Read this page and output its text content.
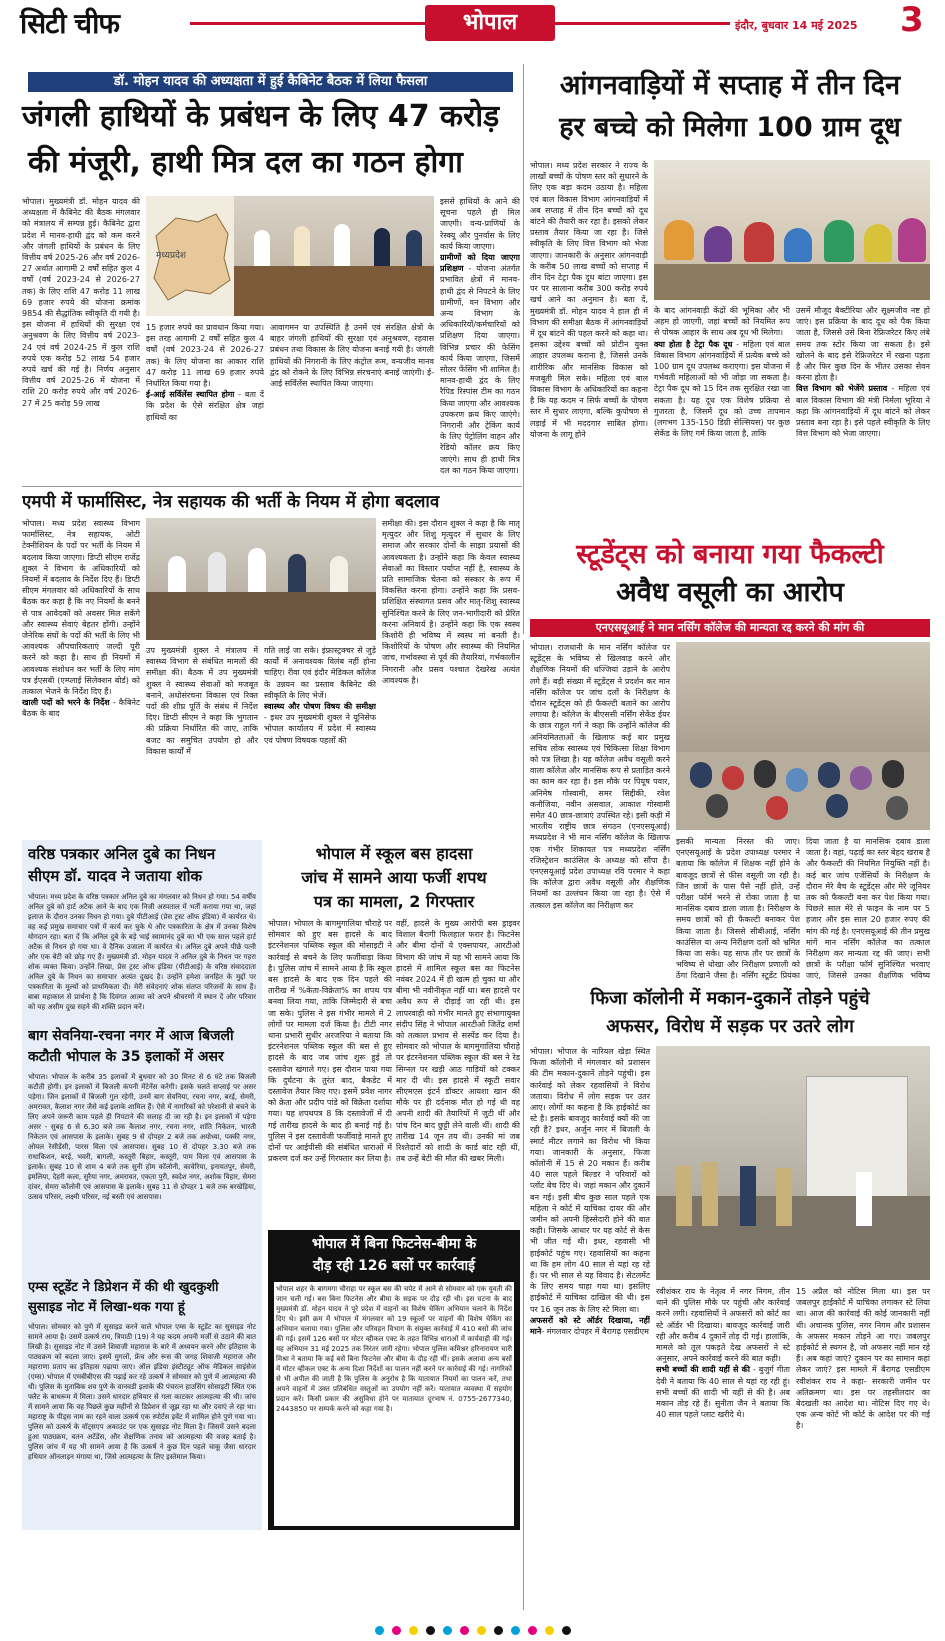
सिटी चीफ	भोपाल	इंदौर, बुधवार 14 मई 2025 3
डॉ. मोहन यादव की अध्यक्षता में हुई कैबिनेट बैठक में लिया फैसला
जंगली हाथियों के प्रबंधन के लिए 47 करोड़
की मंजूरी, हाथी मित्र दल का गठन होगा
भोपाल। मुख्यमंत्री डॉ. मोहन यादव की अध्यक्षता में कैबिनेट की बैठक मंगलवार को मंत्रालय में सम्पन्न हुई। कैबिनेट द्वारा प्रदेश में मानव-हाथी द्वंद को कम करने और जंगली हाथियों के प्रबंधन के लिए वित्तीय वर्ष 2025-26 और वर्ष 2026-27 अर्थात आगामी 2 वर्षों सहित कुल 4 वर्षों (वर्ष 2023-24 से 2026-27 तक) के लिए राशि 47 करोड़ 11 लाख 69 हजार रुपये की योजना क्रमांक 9854 की सैद्धांतिक स्वीकृति दी गयी है। इस योजना में हाथियों की सुरक्षा एवं अनुश्रवण के लिए वित्तीय वर्ष 2023-24 एवं वर्ष 2024-25 में कुल राशि रुपये एक करोड़ 52 लाख 54 हजार रुपये खर्च की गई है। निर्णय अनुसार वित्तीय वर्ष 2025-26 में योजना में राशि 20 करोड़ रुपये और वर्ष 2026-27 में 25 करोड़ 59 लाख
मध्यप्रदेश
15 हजार रुपये का प्रावधान किया गया। इस तरह आगामी 2 वर्षों सहित कुल 4 वर्षों (वर्ष 2023-24 से 2026-27 तक) के लिए योजना का आकार राशि 47 करोड़ 11 लाख 69 हजार रुपये निर्धारित किया गया है।
ई-आई सर्विलेंस स्थापित होगा - बता दें कि प्रदेश के ऐसे संरक्षित क्षेत्र जहां हाथियों का
आवागमन या उपस्थिति है उनमें एवं संरक्षित क्षेत्रों के बाहर जंगली हाथियों की सुरक्षा एवं अनुश्रवण, रहवास प्रबंधन तथा विकास के लिए योजना बनाई गयी है। जंगली हाथियों की निगरानी के लिए कंट्रोल रूम, वन्यजीव मानव द्वंद को रोकने के लिए विभिन्न संरचनाएं बनाई जाएंगी। ई-आई सर्विलेंस स्थापित किया जाएगा।
इससे हाथियों के आने की सूचना पहले ही मिल जाएगी। वन्य-प्राणियों के रेस्क्यू और पुनर्वास के लिए कार्य किया जाएगा।
ग्रामीणों को दिया जाएगा प्रशिक्षण - योजना अंतर्गत प्रभावित क्षेत्रों में मानव-हाथी द्वंद से निपटने के लिए ग्रामीणों, वन विभाग और अन्य विभाग के अधिकारियों/कर्मचारियों को प्रशिक्षण दिया जाएगा। विभिन्न प्रचार की फेसिंग कार्य किया जाएगा, जिसमें सोलर फेंसिंग भी शामिल है। मानव-हाथी द्वंद के लिए रैपिड रिस्पांस टीम का गठन किया जाएगा और आवश्यक उपकरण क्रय किए जाएंगे। निगरानी और ट्रेकिंग कार्य के लिए पेट्रोलिंग वाहन और रेडियो कॉलर क्रय किए जाएंगे। साथ ही हाथी मित्र दल का गठन किया जाएगा।
आंगनवाड़ियों में सप्ताह में तीन दिन
हर बच्चे को मिलेगा 100 ग्राम दूध
भोपाल। मध्य प्रदेश सरकार ने राज्य के लाखों बच्चों के पोषण स्तर को सुधारने के लिए एक बड़ा कदम उठाया है। महिला एवं बाल विकास विभाग आंगनवाड़ियों में अब सप्ताह में तीन दिन बच्चों को दूध बांटने की तैयारी कर रहा है। इसको लेकर प्रस्ताव तैयार किया जा रहा है। जिसे स्वीकृति के लिए वित्त विभाग को भेजा जाएगा। जानकारी के अनुसार आंगनवाड़ी के करीब 50 लाख बच्चों को सप्ताह में तीन दिन टेट्रा पैक दूध बांटा जाएगा। इस पर पर सालाना करीब 300 करोड़ रुपये खर्च आने का अनुमान है। बता दें, मुख्यमंत्री डॉ. मोहन यादव ने हाल ही में विभाग की समीक्षा बैठक में आंगनवाड़ियों में दूध बांटने की पहल करने को कहा था। इसका उद्देश्य बच्चों को प्रोटीन युक्त आहार उपलब्ध कराना है, जिससे उनके शारीरिक और मानसिक विकास को मजबूती मिल सके। महिला एवं बाल विकास विभाग के अधिकारियों का कहना है कि यह कदम न सिर्फ बच्चों के पोषण स्तर में सुधार लाएगा, बल्कि कुपोषण से लड़ाई में भी मददगार साबित होगा। योजना के लागू होने
के बाद आंगनवाड़ी केंद्रों की भूमिका और भी अहम हो जाएगी, जहां बच्चों को नियमित रूप से पोषक आहार के साथ अब दूध भी मिलेगा।
क्या होता है टेट्रा पैक दूध - महिला एवं बाल विकास विभाग आंगनवाड़ियों में प्रत्येक बच्चे को 100 ग्राम दूध उपलब्ध कराएगा। इस योजना में गर्भवती महिलाओं को भी जोड़ा जा सकता है। टेट्रा पैक दूध को 15 दिन तक सुरक्षित रखा जा सकता है। यह दूध एक विशेष प्रक्रिया से गुजरता है, जिसमें दूध को उच्च तापमान (लगभग 135-150 डिग्री सेल्सियस) पर कुछ सेकेंड के लिए गर्म किया जाता है, ताकि
उसमें मौजूद बैक्टीरिया और सूक्ष्मजीव नष्ट हो जाएं। इस प्रक्रिया के बाद दूध को पैक किया जाता है, जिससे उसे बिना रेफ्रिजरेटर किए लंबे समय तक स्टोर किया जा सकता है। इसे खोलने के बाद इसे रेफ्रिजरेटर में रखना पड़ता है और फिर कुछ दिन के भीतर उसका सेवन करना होता है।
वित्त विभाग को भेजेंगे प्रस्ताव - महिला एवं बाल विकास विभाग की मंत्री निर्मला भूरिया ने कहा कि आंगनवाड़ियों में दूध बांटने को लेकर प्रस्ताव बना रहा है। इसे पहले स्वीकृति के लिए वित्त विभाग को भेजा जाएगा।
एमपी में फार्मासिस्ट, नेत्र सहायक की भर्ती के नियम में होगा बदलाव
भोपाल। मध्य प्रदेश स्वास्थ्य विभाग फार्मासिस्ट, नेत्र सहायक, ओटी टेक्नीशियन के पदों पर भर्ती के नियम में बदलाव किया जाएगा। डिप्टी सीएम राजेंद्र शुक्ल ने विभाग के अधिकारियों को नियमों में बदलाव के निर्देश दिए हैं। डिप्टी सीएम मंगलवार को अधिकारियों के साथ बैठक कर कहा है कि नए नियमों के बनने से पात्र आवेदकों को अवसर मिल सकेंगे और स्वास्थ्य सेवाएं बेहतर होंगी। उन्होंने जेनेरिक संघों के पदों की भर्ती के लिए भी आवश्यक औपचारिकताएं जल्दी पूरी करने को कहा है। साथ ही नियमों में आवश्यक संशोधन कर भर्ती के लिए मांग पत्र ईएसबी (एम्प्लाई सिलेक्शन बोर्ड) को तत्काल भेजने के निर्देश दिए हैं।
खाली पदों को भरने के निर्देश - कैबिनेट बैठक के बाद
उप मुख्यमंत्री शुक्ल ने मंत्रालय में स्वास्थ्य विभाग से संबंधित मामलों की समीक्षा की। बैठक में उप मुख्यमंत्री शुक्ल ने स्वास्थ्य सेवाओं को मजबूत बनाने, अधोसंरचना विकास एवं रिक्त पदों की शीघ्र पूर्ति के संबंध में निर्देश दिए। डिप्टी सीएम ने कहा कि भुगतान की प्रक्रिया निर्धारित की जाए, ताकि बजट का समुचित उपयोग हो और विकास कार्यों में
गति लाई जा सके। इंफ्रास्ट्रक्चर से जुड़े कार्यों में अनावश्यक विलंब नहीं होना चाहिए। रीवा एवं इंदौर मेडिकल कॉलेज के उन्नयन का प्रस्ताव कैबिनेट की स्वीकृति के लिए भेजें।
स्वास्थ्य और पोषण विषय की समीक्षा - इधर उप मुख्यमंत्री शुक्ल ने यूनिसेफ भोपाल कार्यालय में प्रदेश में स्वास्थ्य एवं पोषण विषयक पहलों की
समीक्षा की। इस दौरान शुक्ल ने कहा है कि मातृ मृत्युदर और शिशु मृत्युदर में सुधार के लिए समाज और सरकार दोनों के साझा प्रयासों की आवश्यकता है। उन्होंने कहा कि केवल स्वास्थ्य सेवाओं का विस्तार पर्याप्त नहीं है, स्वास्थ्य के प्रति सामाजिक चेतना को संस्कार के रूप में विकसित करना होगा। उन्होंने कहा कि प्रसव-प्रशिक्षित संस्थागत प्रसव और मातृ-शिशु स्वास्थ्य सुनिश्चित करने के लिए जन-भागीदारी को प्रेरित करना अनिवार्य है। उन्होंने कहा कि एक स्वस्थ किशोरी ही भविष्य में स्वस्थ मां बनती है। किशोरियों के पोषण और स्वास्थ्य की नियमित जांच, गर्भावस्था से पूर्व की तैयारियां, गर्भकालीन निगरानी और प्रसव पश्चात देखरेख अत्यंत आवश्यक है।
स्टूडेंट्स को बनाया गया फैकल्टी
अवैध वसूली का आरोप
एनएसयूआई ने मान नर्सिंग कॉलेज की मान्यता रद्द करने की मांग की
भोपाल। राजधानी के मान नर्सिंग कॉलेज पर स्टूडेंट्स के भविष्य से खिलवाड़ करने और शैक्षणिक नियमों की धज्जियां उड़ाने के आरोप लगे हैं। बड़ी संख्या में स्टूडेंट्स ने प्रदर्शन कर मान नर्सिंग कॉलेज पर जांच दलों के निरीक्षण के दौरान स्टूडेंट्स को ही फैकल्टी बताने का आरोप लगाया है। कॉलेज के बीएससी नर्सिंग सेकेंड ईयर के छात्र राहुल गर्ग ने कहा कि उन्होंने कॉलेज की अनियमितताओं के खिलाफ कई बार प्रमुख सचिव लोक स्वास्थ्य एवं चिकित्सा शिक्षा विभाग को पत्र लिखा है। यह कॉलेज अवैध वसूली करने वाला कॉलेज और मानसिक रूप से प्रताड़ित करने का काम कर रहा है। इस मौके पर पियूष पवार, अनिमेष गोस्वामी, समर सिद्दीकी, रवेश कनौजिया, नवीन असवाल, आकाश गोस्वामी समेत 40 छात्र-छात्राएं उपस्थित रहे। इसी कड़ी में भारतीय राष्ट्रीय छात्र संगठन (एनएसयूआई) मध्यप्रदेश ने भी मान नर्सिंग कॉलेज के खिलाफ एक गंभीर शिकायत पत्र मध्यप्रदेश नर्सिंग रजिस्ट्रेशन काउंसिल के अध्यक्ष को सौंपा है। एनएसयूआई प्रदेश उपाध्यक्ष रवि परमार ने कहा कि कॉलेज द्वारा अवैध वसूली और शैक्षणिक नियमों का उल्लंघन किया जा रहा है। ऐसे में तत्काल इस कॉलेज का निरीक्षण कर
इसकी मान्यता निरस्त की जाए। एनएसयूआई के प्रदेश उपाध्यक्ष परमार ने बताया कि कॉलेज में शिक्षक नहीं होने के बावजूद छात्रों से फीस वसूली जा रही है। जिन छात्रों के पास पैसे नहीं होते, उन्हें परीक्षा फॉर्म भरने से रोका जाता है या मानसिक दबाव डाला जाता है। निरीक्षण के समय छात्रों को ही फैकल्टी बनाकर पेश किया जाता है। जिससे सीबीआई, नर्सिंग काउंसिल या अन्य निरीक्षण दलों को भ्रमित किया जा सके। यह साफ तौर पर छात्रों के भविष्य से धोखा और निरीक्षण प्रणाली को ठेंगा दिखाने जैसा है। नर्सिंग स्टूडेंट प्रियंका
दिया जाता है या मानसिक दबाव डाला जाता है। वहां, पढ़ाई का स्तर बेहद खराब है और फैकल्टी की नियमित नियुक्ति नहीं है। कई बार जांच एजेंसियों के निरीक्षण के दौरान मेरे बैच के स्टूडेंट्स और मेरे जूनियर तक को फैकल्टी बना कर पेश किया गया। पिछले साल मेरे से फाइन के नाम पर 5 हजार और इस साल 20 हजार रुपए की मांग की गई है। एनएसयूआई की तीन प्रमुख मांगें मान नर्सिंग कॉलेज का तत्काल निरीक्षण कर मान्यता रद्द की जाए। सभी छात्रों के परीक्षा फॉर्म सुनिश्चित भरवाए जाएं, जिससे उनका शैक्षणिक भविष्य
वरिष्ठ पत्रकार अनिल दुबे का निधन
सीएम डॉ. यादव ने जताया शोक
भोपाल। मध्य प्रदेश के वरिष्ठ पत्रकार अनिल दुबे का मंगलवार को निधन हो गया। 54 वर्षीय अनिल दुबे को हार्ट अटैक आने के बाद एक निजी अस्पताल में भर्ती कराया गया था, जहां इलाज के दौरान उनका निधन हो गया। दुबे पीटीआई (प्रेस ट्रस्ट ऑफ इंडिया) में कार्यरत थे। वह कई प्रमुख समाचार पत्रों में कार्य कर चुके थे और पत्रकारिता के क्षेत्र में उनका विशेष योगदान रहा। बता दें कि अनिल दुबे के बड़े भाई स्वामानंद दुबे का भी एक साल पहले हार्ट अटैक से निधन हो गया था। वे दैनिक उजाला में कार्यरत थे। अनिल दुबे अपने पीछे पत्नी और एक बेटी को छोड़ गए हैं। मुख्यमंत्री डॉ. मोहन यादव ने अनिल दुबे के निधन पर गहरा शोक व्यक्त किया। उन्होंने लिखा, प्रेस ट्रस्ट ऑफ इंडिया (पीटीआई) के वरिष्ठ संवाददाता अनिल दुबे के निधन का समाचार अत्यंत दुखद है। उन्होंने हमेशा जनहित के मुद्दों पर पत्रकारिता के मूल्यों को प्राथमिकता दी। मेरी संवेदनाएं शोक संतप्त परिजनों के साथ हैं। बाबा महाकाल से प्रार्थना है कि दिवंगत आत्मा को अपने श्रीचरणों में स्थान दें और परिवार को यह असीम दुख सहने की शक्ति प्रदान करें।
बाग सेवनिया-रचना नगर में आज बिजली
कटौती भोपाल के 35 इलाकों में असर
भोपाल। भोपाल के करीब 35 इलाकों में बुधवार को 30 मिनट से 6 घंटे तक बिजली कटौती होगी। इन इलाकों में बिजली कंपनी मेंटेनेंस करेगी। इसके चलते सप्लाई पर असर पड़ेगा। जिन इलाकों में बिजली गुल रहेगी, उनमें बाग सेवनिया, रचना नगर, बरई, सेमरी, अमरावत, कैलाश नगर जैसे कई इलाके शामिल हैं। ऐसे में नागरिकों को परेशानी से बचने के लिए अपने जरूरी काम पहले ही निपटाने की सलाह दी जा रही है। इन इलाकों में पड़ेगा असर - सुबह 6 से 6.30 बजे तक कैलाश नगर, रचना नगर, शांति निकेतन, भारती निकेतन एवं आसपास के इलाके। सुबह 9 से दोपहर 2 बजे तक अयोध्या, पक्की नगर, ओयल रेसीडेंसी, पारस विला एवं आसपास। सुबह 10 से दोपहर 3.30 बजे तक राधाकिशन, बरई, भवरी, बागली, कस्तूरी बिहार, कस्तूरी, पाम विला एवं आसपास के इलाके। सुबह 10 से शाम 4 बजे तक सुनी होम कॉलोनी, कावेरिया, इनायतपुर, सेमरी, इमलिया, देहरी कला, सुरैया नगर, अमरावत, एकता पुरी, स्वदेश नगर, अशोक विहार, सेमरा दांवर, सेमरा कॉलोनी एवं आसपास के इलाके। सुबह 11 से दोपहर 1 बजे तक बरखेड़िया, उत्सव परिसर, लक्ष्मी परिसर, नई बस्ती एवं आसपास।
एम्स स्टूडेंट ने डिप्रेशन में की थी खुदकुशी
सुसाइड नोट में लिखा-थक गया हूं
भोपाल। सोमवार को पुणे में सुसाइड करने वाले भोपाल एम्स के स्टूडेंट का सुसाइड नोट सामने आया है। उसमें उत्कर्ष राय, त्रिपाठी (19) ने यह कदम अपनी मर्जी से उठाने की बात लिखी है। सुसाइड नोट में उसने शिवाजी महाराज के बारे में अध्ययन करने और इतिहास के पाठ्यक्रम को बदला जाए। इसमें मुगलों, फ्रेंच और रूस की जगह शिवाजी महाराज और महाराणा प्रताप का इतिहास पढ़ाया जाए। ऑल इंडिया इंस्टीट्यूट ऑफ मेडिकल साइंसेज (एम्स) भोपाल में एमबीबीएस की पढ़ाई कर रहे उत्कर्ष ने सोमवार को पुणे में आत्महत्या की थी। पुलिस के मुताबिक शव पुणे के वानवडी इलाके की पंचरत्न हाउसिंग सोसाइटी स्थित एक फ्लैट के बाथरूम में मिला। उसने धारदार हथियार से गला काटकर आत्महत्या की थी। जांच में सामने आया कि वह पिछले कुछ महीनों से डिप्रेशन से जूझ रहा था और दवाएं ले रहा था। महाराष्ट्र के पीड्स नाम का रहने वाला उत्कर्ष एक स्पोर्टस इवेंट में शामिल होने पुणे गया था। पुलिस को उत्कर्ष के वॉट्सएप अकाउंट पर एक सुसाइड नोट मिला है। जिसमें उसने बदला हुआ पाठ्यक्रम, वतन अटेंडेंस, और शैक्षणिक तनाव को आत्महत्या की वजह बताई है। पुलिस जांच में यह भी सामने आया है कि उत्कर्ष ने कुछ दिन पहले चाकू जैसा धारदार हथियार ऑनलाइन मंगाया था, जिसे आत्महत्या के लिए इस्तेमाल किया।
भोपाल में स्कूल बस हादसा
जांच में सामने आया फर्जी शपथ
पत्र का मामला, 2 गिरफ्तार
भोपाल। भोपाल के बागमुगालिया चौराहे पर सोमवार को हुए बस हादसे के बाद इंटरनेशनल पब्लिक स्कूल की मोसाइटी ने कार्रवाई से बचने के लिए फर्जीवाड़ा किया है। पुलिस जांच में सामने आया है कि स्कूल बस हादसे के बाद एक दिन पहले की तारीख में %केता-विक्रेता% का शपथ पत्र बनवा लिया गया, ताकि जिम्मेदारी से बचा जा सके। पुलिस ने इस गंभीर मामले में 2 लोगों पर मामला दर्ज किया है। टीटी नगर थाना प्रभारी सुधीर अरजरिया ने बताया कि इंटरनेशनल पब्लिक स्कूल की बस से हुए हादसे के बाद जब जांच शुरू हुई तो दस्तावेज खंगाले गए। इस दौरान पाया गया कि दुर्घटना के तुरंत बाद, बैकडेट में दस्तावेज तैयार किए गए। इसमें प्रवेश नागर को क्रेता और प्रदीप पांडे को विक्रेता दर्शाया गया। यह शपथपत्र 8 कि दस्तावेजों में दी गई तारीख हादसे के बाद ही बनाई गई है। पुलिस ने इस दस्तावेजी फर्जीवाड़े मानते हुए दोनों पर आईपीसी की संबंधित धाराओं में प्रकरण दर्ज कर उन्हें गिरफ्तार कर लिया है।
वहीं, हादसे के मुख्य आरोपी बस ड्राइवर विशाल बैरागी फिलहाल फरार है। फिटनेस और बीमा दोनों ये एक्सपायर, आरटीओ विभाग की जांच में यह भी सामने आया कि हादसे में शामिल स्कूल बस का फिटनेस नवंबर 2024 में ही खत्म हो चुका था और बीमा भी नवीनीकृत नहीं था। बस हादसे पर अवैध रूप से दौड़ाई जा रही थी। इस लापरवाही को गंभीर मानते हुए संभागायुक्त संदीप सिंह ने भोपाल आरटीओ जितेंद्र शर्मा को तत्काल प्रभाव से सस्पेंड कर दिया है। सोमवार को भोपाल के बागमुगालिया चौराहे पर इंटरनेशनल पब्लिक स्कूल की बस ने रेड सिग्नल पर खड़ी आठ गाड़ियों को टक्कर मार दी थी। इस हादसे में स्कूटी सवार सीएमएस इंटर्न डॉक्टर आयशा खान की मौके पर ही दर्दनाक मौत हो गई थी वह अपनी शादी की तैयारियों में जुटी थीं और पांच दिन बाद छुट्टी लेने वाली थीं। शादी की तारीख 14 जून तय थी। उनकी मां जब रिश्तेदारों को शादी के कार्ड बांट रही थीं, तब उन्हें बेटी की मौत की खबर मिली।
भोपाल में बिना फिटनेस-बीमा के
दौड़ रही 126 बसों पर कार्रवाई
भोपाल शहर के बागमगा चौराहा पर स्कूल बस की चपेट में आने से सोमवार को एक युवती की जान चली गई। बस बिना फिटनेस और बीमा के सड़क पर दौड़ रही थी। इस घटना के बाद मुख्यमंत्री डॉ. मोहन यादव ने पूरे प्रदेश में वाहनों का विशेष चेकिंग अभियान चलाने के निर्देश दिए थे। इसी क्रम में भोपाल में मंगलवार को 19 स्कूलों पर वाहनों की विशेष चेकिंग का अभियान चलाया गया। पुलिस और परिवहन विभाग के संयुक्त कार्रवाई में 410 बसों की जांच की गई। इसमें 126 बसों पर मोटर व्हीकल एक्ट के तहत विभिन्न धाराओं में कार्यवाही की गई। यह अभियान 31 मई 2025 तक निरंतर जारी रहेगा। भोपाल पुलिस कमिश्नर हरिनारायण चारी मिश्रा ने बताया कि कई बसें बिना फिटनेस और बीमा के दौड़ रही थीं। इसके अलावा अन्य बसों में मोटर व्हीकल एक्ट के अन्य दिशा निर्देशों का पालन नहीं करने पर कार्रवाई की गई। नागरिकों से भी अपील की जाती है कि पुलिस के अनुरोध है कि यातायात नियमों का पालन करें, तथा अपने वाहनों में उक्त प्रतिबंधित वस्तुओं का उपयोग नहीं करें। यातायात व्यवस्था में सहयोग प्रदान करें। किसी प्रकार की असुविधा होने पर यातायात दूरभाष नं. 0755-2677340, 2443850 पर सम्पर्क करने को कहा गया है।
फिजा कॉलोनी में मकान-दुकानें तोड़ने पहुंचे
अफसर, विरोध में सड़क पर उतरे लोग
भोपाल। भोपाल के नारियल खेड़ा स्थित फिजा कॉलोनी में मंगलवार को प्रशासन की टीम मकान-दुकानें तोड़ने पहुंची। इस कार्रवाई को लेकर रहवासियों ने विरोध जताया। विरोध में लोग सड़क पर उतर आए। लोगों का कहना है कि हाईकोर्ट का स्टे है। इसके बावजूद कार्रवाई क्यों की जा रही है? इधर, अर्जुन नगर में बिजली के स्मार्ट मीटर लगाने का विरोध भी किया गया। जानकारी के अनुसार, फिजा कॉलोनी में 15 से 20 मकान हैं। करीब 40 साल पहले बिल्डर ने परिवारों को प्लॉट बेच दिए थे। जहां मकान और दुकानें बन गई। इसी बीच कुछ साल पहले एक महिला ने कोर्ट में याचिका दायर की और जमीन को अपनी हिस्सेदारी होने की बात कही। जिसके आधार पर यह कोर्ट से केस भी जीत गई थी। इधर, रहवासी भी हाईकोर्ट पहुंच गए। रहवासियों का कहना था कि हम लोग 40 साल से यहां रह रहे हैं। पर भी साल से यह विवाद है। सेटलमेंट के लिए समय चाहा गया था। इसलिए हाईकोर्ट में याचिका दाखिल की थी। इस पर 16 जून तक के लिए स्टे मिला था।
अफसरों को स्टे ऑर्डर दिखाया, नहीं माने- मंगलवार दोपहर में बैरागढ़ एसडीएम
रवीशंकर राय के नेतृत्व में नगर निगम, तीन थाने की पुलिस मौके पर पहुंची और कार्रवाई करने लगी। रहवासियों ने अफसरों को कोर्ट का स्टे ऑर्डर भी दिखाया। बावजूद कार्रवाई जारी रही और करीब 4 दुकानें तोड़ दी गई। हालांकि, मामले को तूल पकड़ते देख अफसरों ने स्टे अनुसार, अपने कार्रवाई करने की बात कही।
सभी बच्चों की शादी यहीं से की - बुजुर्ग गीता देवी ने बताया कि 40 साल से यहां रह रही हूं। सभी बच्चों की शादी भी यहीं से की है। अब मकान तोड़ रहे हैं। सुनीता जैन ने बताया कि 40 साल पहले प्लाट खरीदे थे।
15 अप्रैल को नोटिस मिला था। इस पर जबलपुर हाईकोर्ट में याचिका लगाकर स्टे लिया था। आज की कार्रवाई की कोई जानकारी नहीं थी। अचानक पुलिस, नगर निगम और प्रशासन के अफसर मकान तोड़ने आ गए। जबलपुर हाईकोर्ट से स्थगन है, जो अफसर नहीं मान रहे हैं। अब कहां जाएं? दुकान पर का सामान कहां लेकर जाएं? इस मामले में बैरागढ़ एसडीएम रवीशंकर राय ने कहा- सरकारी जमीन पर अतिक्रमण था। इस पर तहसीलदार का बेदखली का आदेश था। नोटिस दिए गए थे। एक अन्य कोर्ट भी कोर्ट के आदेश पर की गई है।
